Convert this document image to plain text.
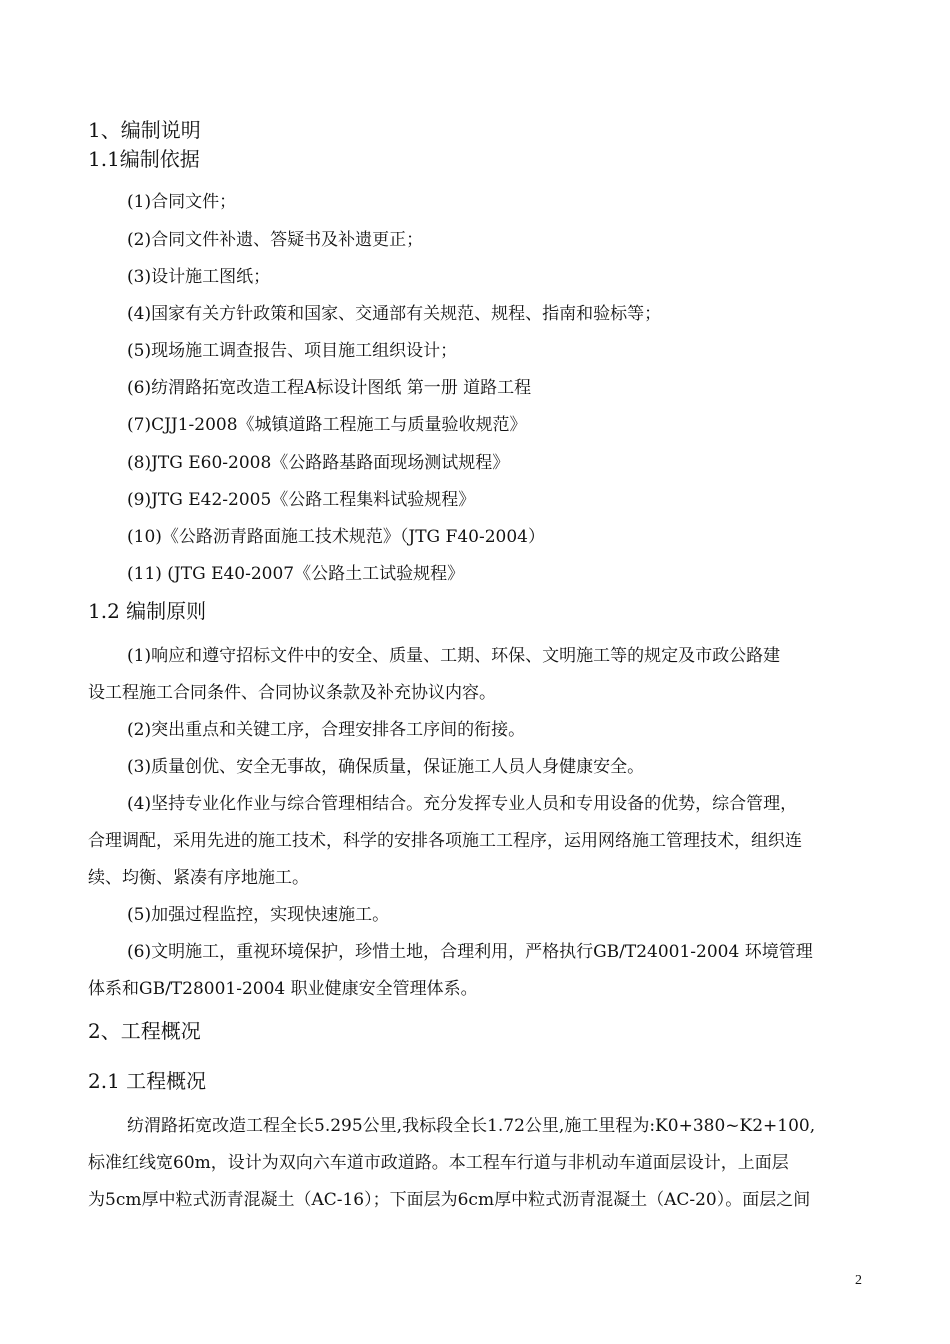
1、编制说明
1.1编制依据
(1)合同文件；
(2)合同文件补遗、答疑书及补遗更正；
(3)设计施工图纸；
(4)国家有关方针政策和国家、交通部有关规范、规程、指南和验标等；
(5)现场施工调查报告、项目施工组织设计；
(6)纺渭路拓宽改造工程A标设计图纸 第一册 道路工程
(7)CJJ1-2008《城镇道路工程施工与质量验收规范》
(8)JTG E60-2008《公路路基路面现场测试规程》
(9)JTG E42-2005《公路工程集料试验规程》
(10)《公路沥青路面施工技术规范》（JTG F40-2004）
(11) (JTG E40-2007《公路土工试验规程》
1.2 编制原则
(1)响应和遵守招标文件中的安全、质量、工期、环保、文明施工等的规定及市政公路建
设工程施工合同条件、合同协议条款及补充协议内容。
(2)突出重点和关键工序，合理安排各工序间的衔接。
(3)质量创优、安全无事故，确保质量，保证施工人员人身健康安全。
(4)坚持专业化作业与综合管理相结合。充分发挥专业人员和专用设备的优势，综合管理，
合理调配，采用先进的施工技术，科学的安排各项施工工程序，运用网络施工管理技术，组织连
续、均衡、紧凑有序地施工。
(5)加强过程监控，实现快速施工。
(6)文明施工，重视环境保护，珍惜土地，合理利用，严格执行GB/T24001-2004 环境管理
体系和GB/T28001-2004 职业健康安全管理体系。
2、工程概况
2.1 工程概况
纺渭路拓宽改造工程全长5.295公里,我标段全长1.72公里,施工里程为:K0+380~K2+100,
标准红线宽60m，设计为双向六车道市政道路。本工程车行道与非机动车道面层设计，上面层
为5cm厚中粒式沥青混凝土（AC-16）；下面层为6cm厚中粒式沥青混凝土（AC-20）。面层之间
2
